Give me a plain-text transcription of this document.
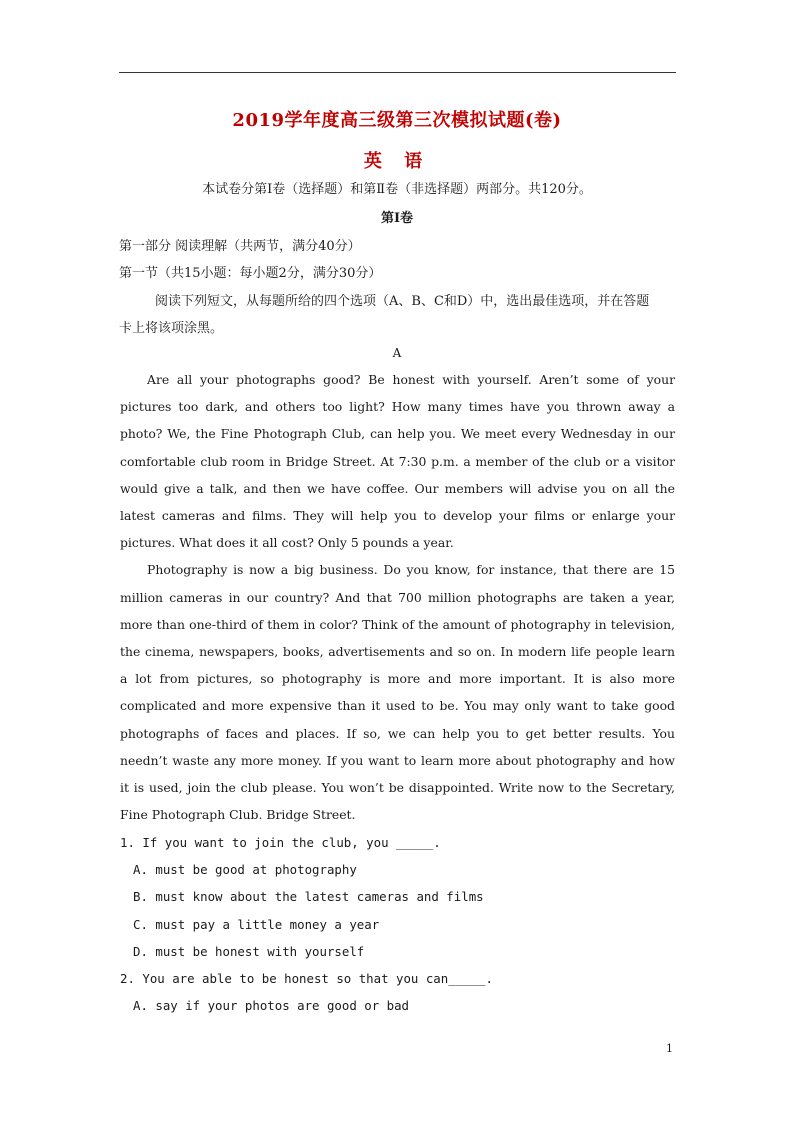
2019学年度高三级第三次模拟试题(卷)
英 语
本试卷分第Ⅰ卷（选择题）和第Ⅱ卷（非选择题）两部分。共120分。
第Ⅰ卷
第一部分 阅读理解（共两节，满分40分）
第一节（共15小题：每小题2分，满分30分）
阅读下列短文，从每题所给的四个选项（A、B、C和D）中，选出最佳选项，并在答题
卡上将该项涂黑。
A

Are all your photographs good? Be honest with yourself. Aren’t some of your pictures too dark, and others too light? How many times have you thrown away a photo? We, the Fine Photograph Club, can help you. We meet every Wednesday in our comfortable club room in Bridge Street. At 7:30 p.m. a member of the club or a visitor would give a talk, and then we have coffee. Our members will advise you on all the latest cameras and films. They will help you to develop your films or enlarge your pictures. What does it all cost? Only 5 pounds a year.

Photography is now a big business. Do you know, for instance, that there are 15 million cameras in our country? And that 700 million photographs are taken a year, more than one-third of them in color? Think of the amount of photography in television, the cinema, newspapers, books, advertisements and so on. In modern life people learn a lot from pictures, so photography is more and more important. It is also more complicated and more expensive than it used to be. You may only want to take good photographs of faces and places. If so, we can help you to get better results. You needn’t waste any more money. If you want to learn more about photography and how it is used, join the club please. You won’t be disappointed. Write now to the Secretary, Fine Photograph Club. Bridge Street.

1. If you want to join the club, you _____.
A. must be good at photography
B. must know about the latest cameras and films
C. must pay a little money a year
D. must be honest with yourself
2. You are able to be honest so that you can_____.
A. say if your photos are good or bad
1
